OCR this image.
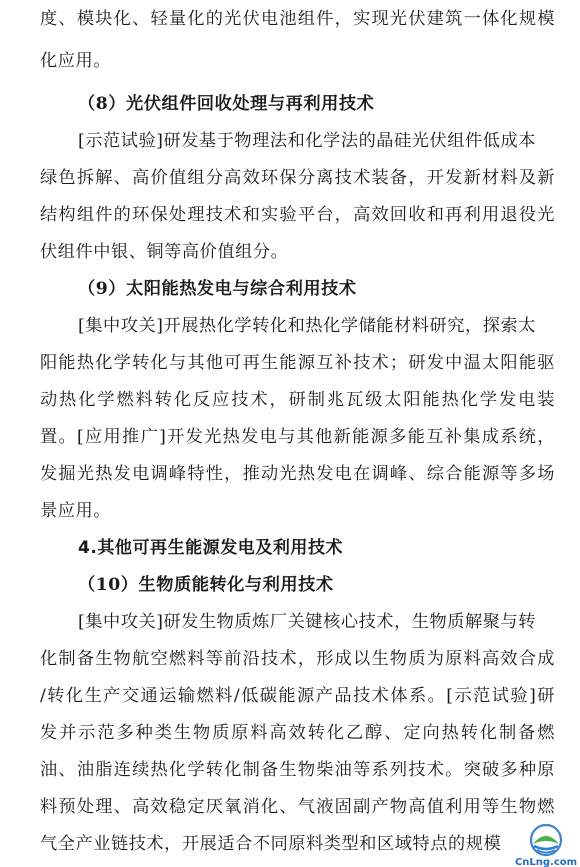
度、模块化、轻量化的光伏电池组件，实现光伏建筑一体化规模
化应用。
（8）光伏组件回收处理与再利用技术
[示范试验]研发基于物理法和化学法的晶硅光伏组件低成本
绿色拆解、高价值组分高效环保分离技术装备，开发新材料及新
结构组件的环保处理技术和实验平台，高效回收和再利用退役光
伏组件中银、铜等高价值组分。
（9）太阳能热发电与综合利用技术
[集中攻关]开展热化学转化和热化学储能材料研究，探索太
阳能热化学转化与其他可再生能源互补技术；研发中温太阳能驱
动热化学燃料转化反应技术，研制兆瓦级太阳能热化学发电装
置。[应用推广]开发光热发电与其他新能源多能互补集成系统，
发掘光热发电调峰特性，推动光热发电在调峰、综合能源等多场
景应用。
4.其他可再生能源发电及利用技术
（10）生物质能转化与利用技术
[集中攻关]研发生物质炼厂关键核心技术，生物质解聚与转
化制备生物航空燃料等前沿技术，形成以生物质为原料高效合成
/转化生产交通运输燃料/低碳能源产品技术体系。[示范试验]研
发并示范多种类生物质原料高效转化乙醇、定向热转化制备燃
油、油脂连续热化学转化制备生物柴油等系列技术。突破多种原
料预处理、高效稳定厌氧消化、气液固副产物高值利用等生物燃
气全产业链技术，开展适合不同原料类型和区域特点的规模
CnLng.com
